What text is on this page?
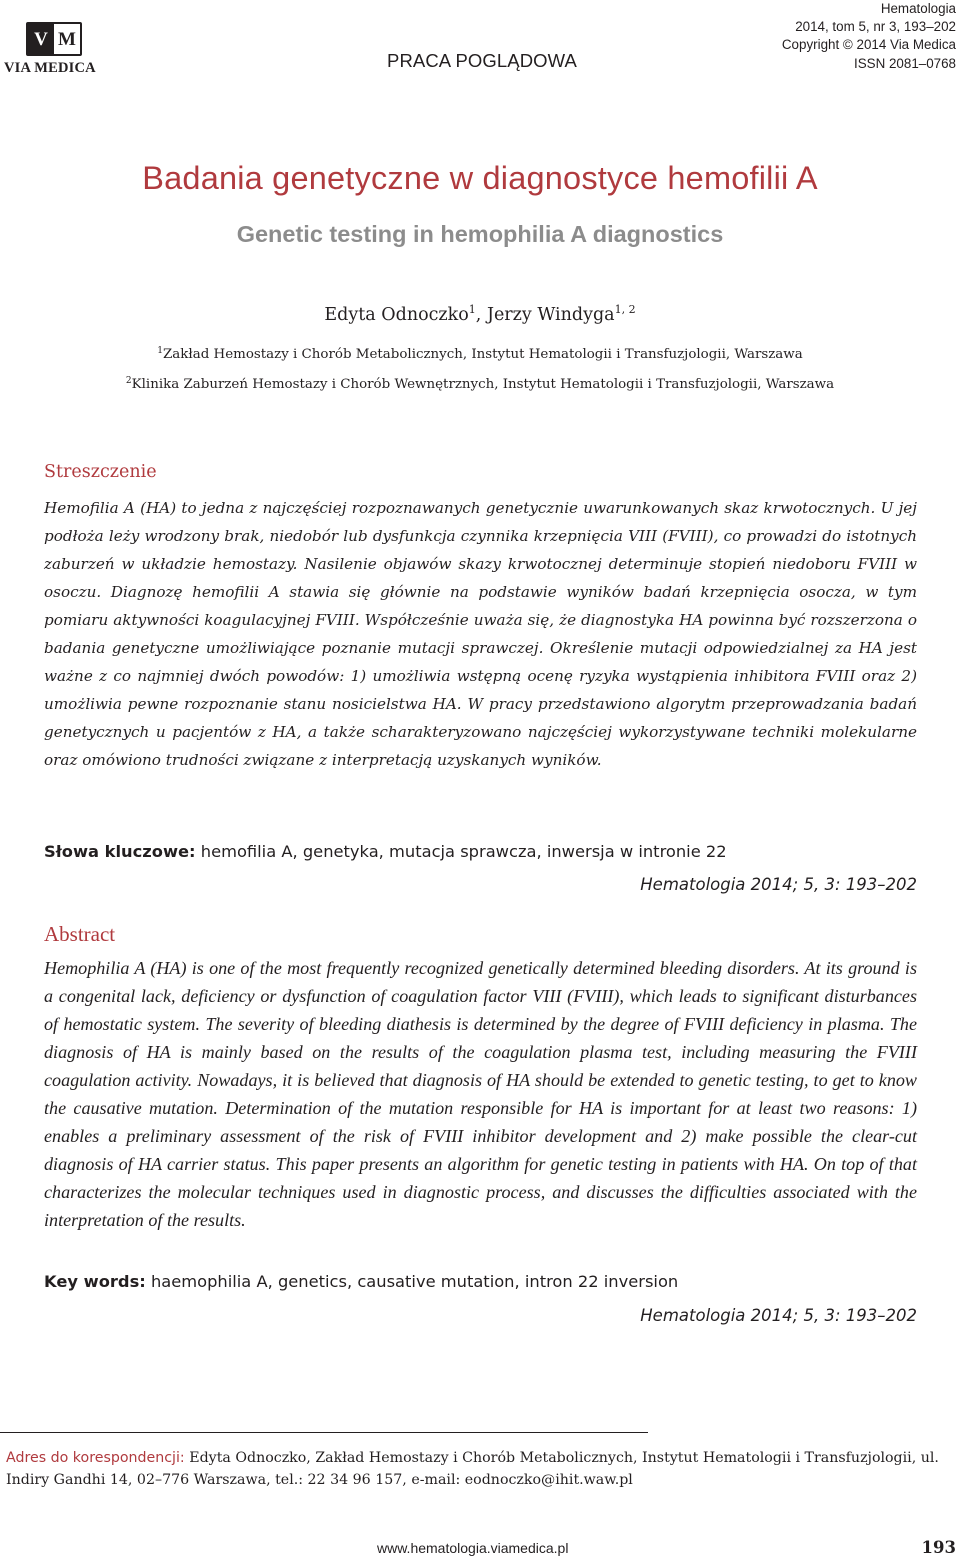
V M
VIA MEDICA	PRACA POGLĄDOWA
Hematologia
2014, tom 5, nr 3, 193–202
Copyright © 2014 Via Medica
ISSN 2081–0768
Badania genetyczne w diagnostyce hemofilii A
Genetic testing in hemophilia A diagnostics
Edyta Odnoczko$^1$, Jerzy Windyga$^{1, 2}$
$^1$Zakład Hemostazy i Chorób Metabolicznych, Instytut Hematologii i Transfuzjologii, Warszawa
$^2$Klinika Zaburzeń Hemostazy i Chorób Wewnętrznych, Instytut Hematologii i Transfuzjologii, Warszawa
Streszczenie
Hemofilia A (HA) to jedna z najczęściej rozpoznawanych genetycznie uwarunkowanych skaz krwotocznych. U jej podłoża leży wrodzony brak, niedobór lub dysfunkcja czynnika krzepnięcia VIII (FVIII), co prowadzi do istotnych zaburzeń w układzie hemostazy. Nasilenie objawów skazy krwotocznej determinuje stopień niedoboru FVIII w osoczu. Diagnozę hemofilii A stawia się głównie na podstawie wyników badań krzepnięcia osocza, w tym pomiaru aktywności koagulacyjnej FVIII. Współcześnie uważa się, że diagnostyka HA powinna być rozszerzona o badania genetyczne umożliwiające poznanie mutacji sprawczej. Określenie mutacji odpowiedzialnej za HA jest ważne z co najmniej dwóch powodów: 1) umożliwia wstępną ocenę ryzyka wystąpienia inhibitora FVIII oraz 2) umożliwia pewne rozpoznanie stanu nosicielstwa HA. W pracy przedstawiono algorytm przeprowadzania badań genetycznych u pacjentów z HA, a także scharakteryzowano najczęściej wykorzystywane techniki molekularne oraz omówiono trudności związane z interpretacją uzyskanych wyników.
Słowa kluczowe: hemofilia A, genetyka, mutacja sprawcza, inwersja w intronie 22
Hematologia 2014; 5, 3: 193–202
Abstract
Hemophilia A (HA) is one of the most frequently recognized genetically determined bleeding disorders. At its ground is a congenital lack, deficiency or dysfunction of coagulation factor VIII (FVIII), which leads to significant disturbances of hemostatic system. The severity of bleeding diathesis is determined by the degree of FVIII deficiency in plasma. The diagnosis of HA is mainly based on the results of the coagulation plasma test, including measuring the FVIII coagulation activity. Nowadays, it is believed that diagnosis of HA should be extended to genetic testing, to get to know the causative mutation. Determination of the mutation responsible for HA is important for at least two reasons: 1) enables a preliminary assessment of the risk of FVIII inhibitor development and 2) make possible the clear-cut diagnosis of HA carrier status. This paper presents an algorithm for genetic testing in patients with HA. On top of that characterizes the molecular techniques used in diagnostic process, and discusses the difficulties associated with the interpretation of the results.
Key words: haemophilia A, genetics, causative mutation, intron 22 inversion
Hematologia 2014; 5, 3: 193–202
Adres do korespondencji: Edyta Odnoczko, Zakład Hemostazy i Chorób Metabolicznych, Instytut Hematologii i Transfuzjologii, ul. Indiry Gandhi 14, 02–776 Warszawa, tel.: 22 34 96 157, e-mail: eodnoczko@ihit.waw.pl
www.hematologia.viamedica.pl	193
